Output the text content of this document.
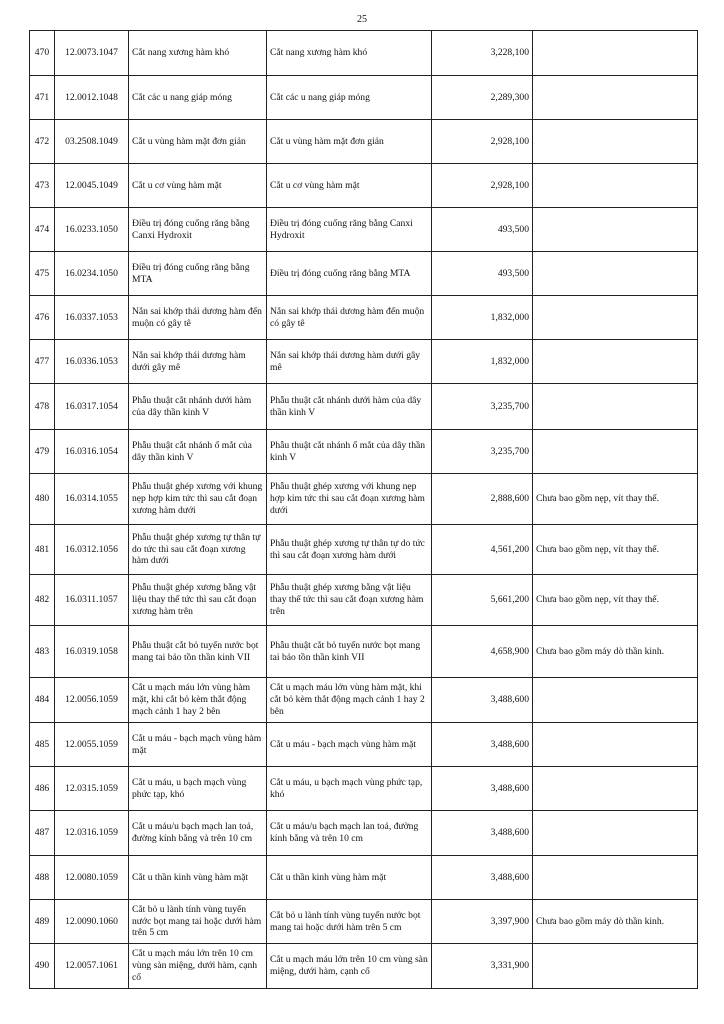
25
470	12.0073.1047	Cắt nang xương hàm khó	Cắt nang xương hàm khó	3,228,100	
471	12.0012.1048	Cắt các u nang giáp móng	Cắt các u nang giáp móng	2,289,300	
472	03.2508.1049	Cắt u vùng hàm mặt đơn giản	Cắt u vùng hàm mặt đơn giản	2,928,100	
473	12.0045.1049	Cắt u cơ vùng hàm mặt	Cắt u cơ vùng hàm mặt	2,928,100	
474	16.0233.1050	Điều trị đóng cuống răng bằng Canxi Hydroxit	Điều trị đóng cuống răng bằng Canxi Hydroxit	493,500	
475	16.0234.1050	Điều trị đóng cuống răng bằng MTA	Điều trị đóng cuống răng bằng MTA	493,500	
476	16.0337.1053	Nắn sai khớp thái dương hàm đến muộn có gây tê	Nắn sai khớp thái dương hàm đến muộn có gây tê	1,832,000	
477	16.0336.1053	Nắn sai khớp thái dương hàm dưới gây mê	Nắn sai khớp thái dương hàm dưới gây mê	1,832,000	
478	16.0317.1054	Phẫu thuật cắt nhánh dưới hàm của dây thần kinh V	Phẫu thuật cắt nhánh dưới hàm của dây thần kinh V	3,235,700	
479	16.0316.1054	Phẫu thuật cắt nhánh ổ mắt của dây thần kinh V	Phẫu thuật cắt nhánh ổ mắt của dây thần kinh V	3,235,700	
480	16.0314.1055	Phẫu thuật ghép xương với khung nẹp hợp kim tức thì sau cắt đoạn xương hàm dưới	Phẫu thuật ghép xương với khung nẹp hợp kim tức thì sau cắt đoạn xương hàm dưới	2,888,600	Chưa bao gồm nẹp, vít thay thế.
481	16.0312.1056	Phẫu thuật ghép xương tự thân tự do tức thì sau cắt đoạn xương hàm dưới	Phẫu thuật ghép xương tự thân tự do tức thì sau cắt đoạn xương hàm dưới	4,561,200	Chưa bao gồm nẹp, vít thay thế.
482	16.0311.1057	Phẫu thuật ghép xương bằng vật liệu thay thế tức thì sau cắt đoạn xương hàm trên	Phẫu thuật ghép xương bằng vật liệu thay thế tức thì sau cắt đoạn xương hàm trên	5,661,200	Chưa bao gồm nẹp, vít thay thế.
483	16.0319.1058	Phẫu thuật cắt bỏ tuyến nước bọt mang tai bảo tồn thần kinh VII	Phẫu thuật cắt bỏ tuyến nước bọt mang tai bảo tồn thần kinh VII	4,658,900	Chưa bao gồm máy dò thần kinh.
484	12.0056.1059	Cắt u mạch máu lớn vùng hàm mặt, khi cắt bỏ kèm thắt động mạch cảnh 1 hay 2 bên	Cắt u mạch máu lớn vùng hàm mặt, khi cắt bỏ kèm thắt động mạch cảnh 1 hay 2 bên	3,488,600	
485	12.0055.1059	Cắt u máu - bạch mạch vùng hàm mặt	Cắt u máu - bạch mạch vùng hàm mặt	3,488,600	
486	12.0315.1059	Cắt u máu, u bạch mạch vùng phức tạp, khó	Cắt u máu, u bạch mạch vùng phức tạp, khó	3,488,600	
487	12.0316.1059	Cắt u máu/u bạch mạch lan toả, đường kính bằng và trên 10 cm	Cắt u máu/u bạch mạch lan toả, đường kính bằng và trên 10 cm	3,488,600	
488	12.0080.1059	Cắt u thần kinh vùng hàm mặt	Cắt u thần kinh vùng hàm mặt	3,488,600	
489	12.0090.1060	Cắt bỏ u lành tính vùng tuyến nước bọt mang tai hoặc dưới hàm trên 5 cm	Cắt bỏ u lành tính vùng tuyến nước bọt mang tai hoặc dưới hàm trên 5 cm	3,397,900	Chưa bao gồm máy dò thần kinh.
490	12.0057.1061	Cắt u mạch máu lớn trên 10 cm vùng sàn miệng, dưới hàm, cạnh cổ	Cắt u mạch máu lớn trên 10 cm vùng sàn miệng, dưới hàm, cạnh cổ	3,331,900	
